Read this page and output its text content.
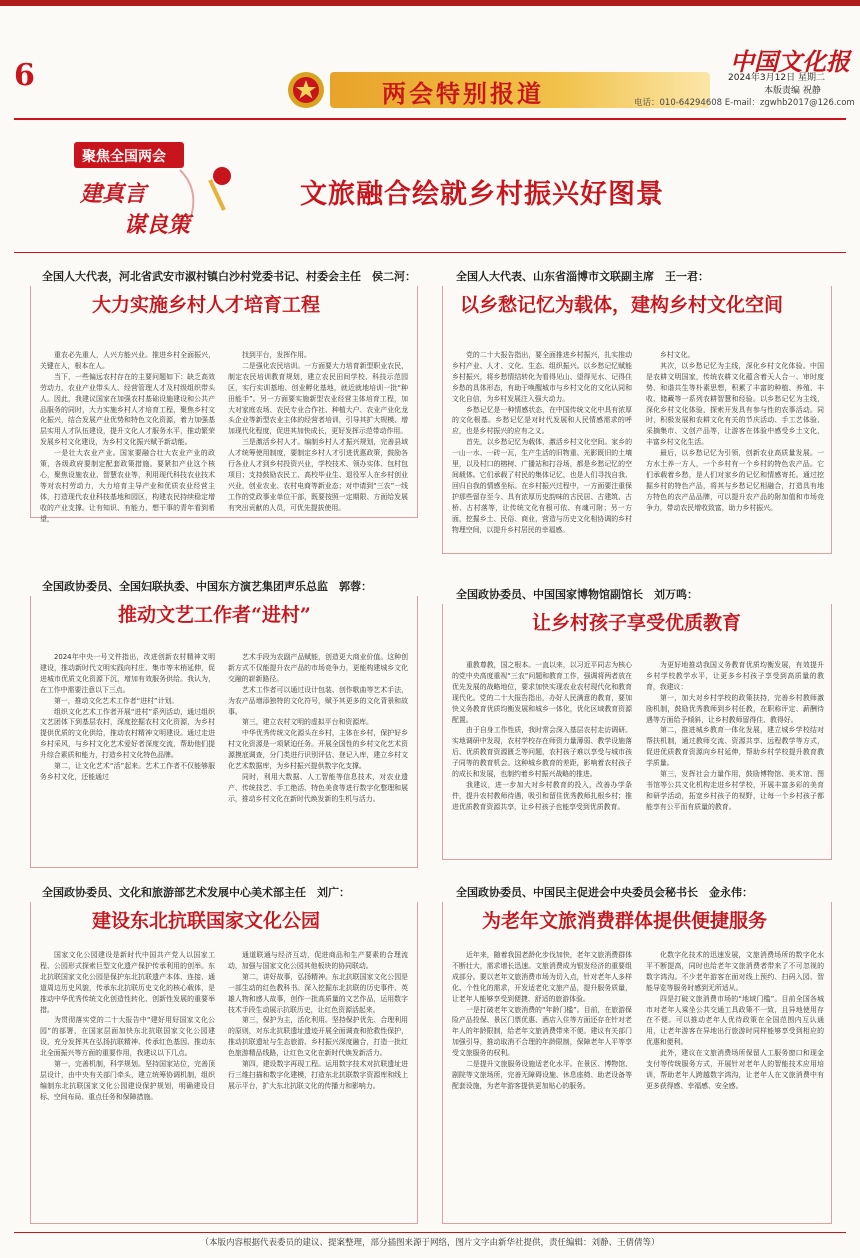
6
两会特别报道
中国文化报
2024年3月12日 星期二
本版责编 祝静
电话：010-64294608 E-mail：zgwhb2017@126.com
聚焦全国两会
建真言
谋良策
文旅融合绘就乡村振兴好图景
全国人大代表，河北省武安市淑村镇白沙村党委书记、村委会主任　侯二河：
大力实施乡村人才培育工程

重农必先重人，人兴方能兴业。推进乡村全面振兴，关键在人，根本在人。

当下，一些偏远农村存在的主要问题如下：缺乏高效劳动力，农业产业带头人、经营管理人才及村级组织带头人。因此，我建议国家在加强农村基础设施建设和公共产品服务的同时，大力实施乡村人才培育工程，聚焦乡村文化振兴，结合发展产业优势和特色文化资源，着力加强基层实用人才队伍建设，提升文化人才服务水平，推动繁荣发展乡村文化建设，为乡村文化振兴赋予新动能。

一是壮大农业产业。国家要融合壮大农业产业的政策，各级政府要制定配套政策措施。要紧扣产业这个核心，聚焦设施农业、智慧农业等，利用现代科技农业技术等对农村劳动力，大力培育主导产业和优质农业经营主体，打造现代农业科技基地和园区，构建农民持续稳定增收的产业支撑。让有知识、有能力、想干事的青年看到希望，

找到平台，发挥作用。

二是强化农民培训。一方面要大力培育新型职业农民，制定农民培训教育规划，建立农民田间学校、科技示范园区，实行实训基地、创业孵化基地，就近就地培训一批“种田能手”。另一方面要实施新型农业经营主体培育工程，加大对家庭农场、农民专业合作社、种植大户、农业产业化龙头企业等新型农业主体的经营者培训，引导其扩大规模、增加现代化程度，促进其加快成长，更好发挥示范带动作用。

三是激活乡村人才。编制乡村人才振兴规划，完善县域人才统筹使用制度，要制定乡村人才引进优惠政策，鼓励各行各业人才到乡村投资兴业，学校技术、领办实体、包村包项目；支持鼓励农民工、高校毕业生、退役军人在乡村创业兴业，创业农业、农村电商等新业态；对申请到“三农”一线工作的党政事业单位干部，既要按照一定期限、方面给发展有突出贡献的人员，可优先提拔使用。

全国人大代表、山东省淄博市文联副主席　王一君：
以乡愁记忆为载体，建构乡村文化空间

党的二十大报告指出，要全面推进乡村振兴，扎实推动乡村产业、人才、文化、生态、组织振兴。以乡愁记忆赋能乡村振兴，将乡愁情结转化为看得见山、望得见水、记得住乡愁的具体形态，有助于唤醒城市与乡村文化的文化认同和文化自信，为乡村发展注入强大动力。

乡愁记忆是一种情感状态，在中国传统文化中具有浓厚的文化根基。乡愁记忆是对时代发展和人民情感需求的呼应，也是乡村振兴的应有之义。

首先，以乡愁记忆为载体，激活乡村文化空间。家乡的一山一水、一砖一瓦，生产生活的旧物重、光影既旧的土壤里，以及村口的榕树、广播站和打谷场，都是乡愁记忆的空间载体。它们承载了村民的集体记忆，也是人们寻找自我、回归自我的情感坐标。在乡村振兴过程中，一方面要注重保护那些留存至今、具有浓厚历史韵味的古民居、古建筑、古桥、古村落等，让传统文化有根可依、有魂可附；另一方面，挖掘乡土、民俗、商业，营造与历史文化相协调的乡村物理空间，以提升乡村居民的幸福感。

乡村文化。

其次，以乡愁记忆为主线，深化乡村文化体验。中国是农耕文明国家，传统农耕文化蕴含着天人合一、审时度势、和谐共生等朴素思想，积累了丰富的种植、养殖、丰收、储藏等一系列农耕智慧和经验。以乡愁记忆为主线，深化乡村文化体验，探索开发具有参与性的农事活动。同时，积极发展和农耕文化有关的节庆活动、手工艺体验、采摘集市、文创产品等，让游客在体验中感受乡土文化，丰富乡村文化生活。

最后，以乡愁记忆为引领，创新农业高质量发展。一方水土养一方人，一个乡村有一个乡村的特色农产品。它们承载着乡愁，是人们对家乡的记忆和情感寄托。通过挖掘乡村的特色产品，将其与乡愁记忆相融合，打造具有地方特色的农产品品牌，可以提升农产品的附加值和市场竞争力，带动农民增收致富，助力乡村振兴。

全国政协委员、全国妇联执委、中国东方演艺集团声乐总监　郭蓉：
推动文艺工作者“进村”

2024年中央一号文件指出，改进创新农村精神文明建设，推动新时代文明实践向村庄、集市等末梢延伸，促进城市优质文化资源下沉，增加有效服务供给。我认为，在工作中需要注意以下三点。

第一，推动文化艺术工作者“进村”计划。

组织文化艺术工作者开展“进村”系列活动，通过组织文艺团体下到基层农村，深度挖掘农村文化资源，为乡村提供优质的文化供给，推动农村精神文明建设。通过走进乡村采风，与乡村文化艺术爱好者深度交流，帮助他们提升综合素质和能力，打造乡村文化特色品牌。

第二，让文化艺术“活”起来。艺术工作者不仅能够服务乡村文化，还能通过

艺术手段为农副产品赋能，创造更大商业价值。这种创新方式不仅能提升农产品的市场竞争力，更能构建城乡文化交融的崭新路径。

艺术工作者可以通过设计包装、创作歌曲等艺术手法，为农产品增添独特的文化符号，赋予其更多的文化背景和故事。

第三，建立农村文明的虚拟平台和资源库。

中华优秀传统文化源头在乡村，主体在乡村，保护好乡村文化资源是一项紧迫任务。开展全国性的乡村文化艺术资源摸底调查，分门类进行识别评估、登记入库，建立乡村文化艺术数据库，为乡村振兴提供数字化支撑。

同时，利用大数据、人工智能等信息技术，对农业遗产、传统技艺、手工绝活、特色美食等进行数字化整理和展示，推动乡村文化在新时代焕发新的生机与活力。

全国政协委员、中国国家博物馆副馆长　刘万鸣：
让乡村孩子享受优质教育

重教尊教，国之根本。一直以来，以习近平同志为核心的党中央高度重视“三农”问题和教育工作，强调将两者放在优先发展的战略地位，要求加快实现农业农村现代化和教育现代化。党的二十大报告指出，办好人民满意的教育，要加快义务教育优质均衡发展和城乡一体化，优化区域教育资源配置。

由于自身工作性质，我时常会深入基层农村走访调研。实地调研中发现，农村学校存在师资力量薄弱、教学设施落后、优质教育资源匮乏等问题，农村孩子难以享受与城市孩子同等的教育机会。这种城乡教育的差距，影响着农村孩子的成长和发展，也制约着乡村振兴战略的推进。

我建议，进一步加大对乡村教育的投入，改善办学条件，提升农村教师待遇，吸引和留住优秀教师扎根乡村；推进优质教育资源共享，让乡村孩子也能享受到优质教育。

为更好地推动我国义务教育优质均衡发展，有效提升乡村学校教学水平，让更多乡村孩子享受到高质量的教育，我建议：

第一，加大对乡村学校的政策扶持，完善乡村教师激励机制，鼓励优秀教师到乡村任教，在职称评定、薪酬待遇等方面给予倾斜，让乡村教师留得住、教得好。

第二，推进城乡教育一体化发展，建立城乡学校结对帮扶机制，通过教师交流、资源共享、远程教学等方式，促进优质教育资源向乡村延伸，帮助乡村学校提升教育教学质量。

第三，发挥社会力量作用，鼓励博物馆、美术馆、图书馆等公共文化机构走进乡村学校，开展丰富多彩的美育和研学活动，拓宽乡村孩子的视野，让每一个乡村孩子都能享有公平而有质量的教育。

全国政协委员、文化和旅游部艺术发展中心美术部主任　刘广：
建设东北抗联国家文化公园

国家文化公园建设是新时代中国共产党人以国家工程、公园形式探索巨型文化遗产保护传承利用的创举。东北抗联国家文化公园是保护东北抗联遗产本体、连接、通道周边历史风貌，传承东北抗联历史文化的核心载体，是推动中华优秀传统文化创造性转化、创新性发展的重要举措。

为贯彻落实党的二十大报告中“建好用好国家文化公园”的部署，在国家层面加快东北抗联国家文化公园建设，充分发挥其在弘扬抗联精神、传承红色基因、推动东北全面振兴等方面的重要作用，我建议以下几点。

第一，完善机制，科学规划。坚持国家站位，完善顶层设计，由中央有关部门牵头，建立统筹协调机制，组织编制东北抗联国家文化公园建设保护规划，明确建设目标、空间布局、重点任务和保障措施。

通道联通与经济互动，促进商品和生产要素的合理流动，加强与国家文化公园其他板块的协同联动。

第二，讲好故事，弘扬精神。东北抗联国家文化公园是一部生动的红色教科书。深入挖掘东北抗联的历史事件、英雄人物和感人故事，创作一批高质量的文艺作品，运用数字技术手段生动展示抗联历史，让红色资源活起来。

第三，保护为主，活化利用。坚持保护优先、合理利用的原则，对东北抗联遗址遗迹开展全面调查和抢救性保护，推动抗联遗址与生态旅游、乡村振兴深度融合，打造一批红色旅游精品线路，让红色文化在新时代焕发新活力。

第四，建设数字再现工程。运用数字技术对抗联遗址进行三维扫描和数字化建模，打造东北抗联数字资源库和线上展示平台，扩大东北抗联文化的传播力和影响力。

全国政协委员、中国民主促进会中央委员会秘书长　金永伟：
为老年文旅消费群体提供便捷服务

近年来，随着我国老龄化步伐加快，老年文旅消费群体不断壮大，需求增长迅速。文旅消费成为银发经济的重要组成部分。要以老年文旅消费市场为切入点，针对老年人多样化、个性化的需求，开发适老化文旅产品，提升服务质量，让老年人能够享受到便捷、舒适的旅游体验。

一是打破老年文旅消费的“年龄门槛”。目前，在旅游保险产品投保、景区门票优惠、酒店入住等方面还存在针对老年人的年龄限制，给老年文旅消费带来不便。建议有关部门加强引导，推动取消不合理的年龄限制，保障老年人平等享受文旅服务的权利。

二是提升文旅服务设施适老化水平。在景区、博物馆、剧院等文旅场所，完善无障碍设施、休息座椅、助老设备等配套设施，为老年游客提供更加贴心的服务。

化数字化技术的迅速发展，文旅消费场所的数字化水平不断提高，同时也给老年文旅消费者带来了不可忽视的数字鸿沟。不少老年游客在面对线上预约、扫码入园、智能导览等服务时感到无所适从。

四是打破文旅消费市场的“地域门槛”。目前全国各城市对老年人乘坐公共交通工具政策不一致，且异地使用存在不便。可以推动老年人优待政策在全国范围内互认通用，让老年游客在异地出行旅游时同样能够享受到相应的优惠和便利。

此外，建议在文旅消费场所保留人工服务窗口和现金支付等传统服务方式，开展针对老年人的智能技术应用培训，帮助老年人跨越数字鸿沟，让老年人在文旅消费中有更多获得感、幸福感、安全感。

（本版内容根据代表委员的建议、提案整理，部分插图来源于网络，图片文字由新华社提供，责任编辑：刘静、王倩倩等）
